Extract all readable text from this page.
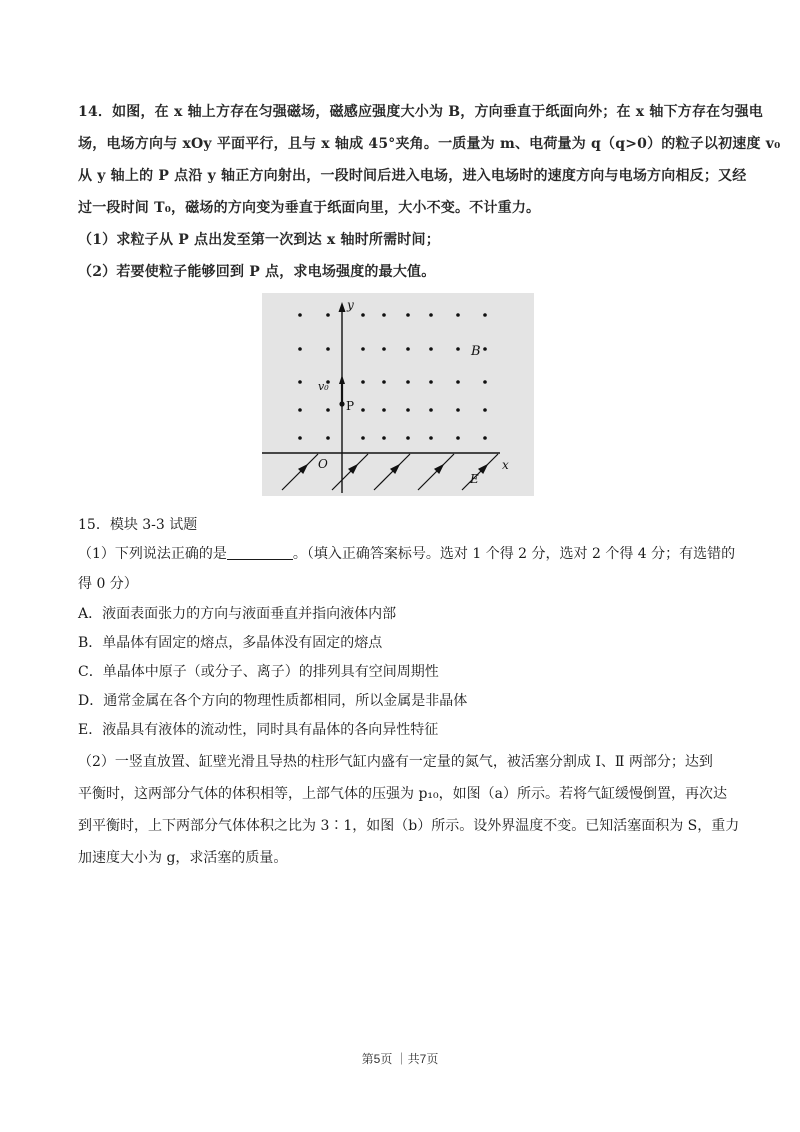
14．如图，在 x 轴上方存在匀强磁场，磁感应强度大小为 B，方向垂直于纸面向外；在 x 轴下方存在匀强电
场，电场方向与 xOy 平面平行，且与 x 轴成 45°夹角。一质量为 m、电荷量为 q（q>0）的粒子以初速度 v₀
从 y 轴上的 P 点沿 y 轴正方向射出，一段时间后进入电场，进入电场时的速度方向与电场方向相反；又经
过一段时间 T₀，磁场的方向变为垂直于纸面向里，大小不变。不计重力。
（1）求粒子从 P 点出发至第一次到达 x 轴时所需时间；
（2）若要使粒子能够回到 P 点，求电场强度的最大值。
y
B
v₀
P
O	x
E
15．模块 3-3 试题
（1）下列说法正确的是	。（填入正确答案标号。选对 1 个得 2 分，选对 2 个得 4 分；有选错的
得 0 分）
A．液面表面张力的方向与液面垂直并指向液体内部
B．单晶体有固定的熔点，多晶体没有固定的熔点
C．单晶体中原子（或分子、离子）的排列具有空间周期性
D．通常金属在各个方向的物理性质都相同，所以金属是非晶体
E．液晶具有液体的流动性，同时具有晶体的各向异性特征
（2）一竖直放置、缸壁光滑且导热的柱形气缸内盛有一定量的氮气，被活塞分割成 Ⅰ、Ⅱ 两部分；达到
平衡时，这两部分气体的体积相等，上部气体的压强为 p₁₀，如图（a）所示。若将气缸缓慢倒置，再次达
到平衡时，上下两部分气体体积之比为 3∶1，如图（b）所示。设外界温度不变。已知活塞面积为 S，重力
加速度大小为 g，求活塞的质量。
第5页 ｜共7页
